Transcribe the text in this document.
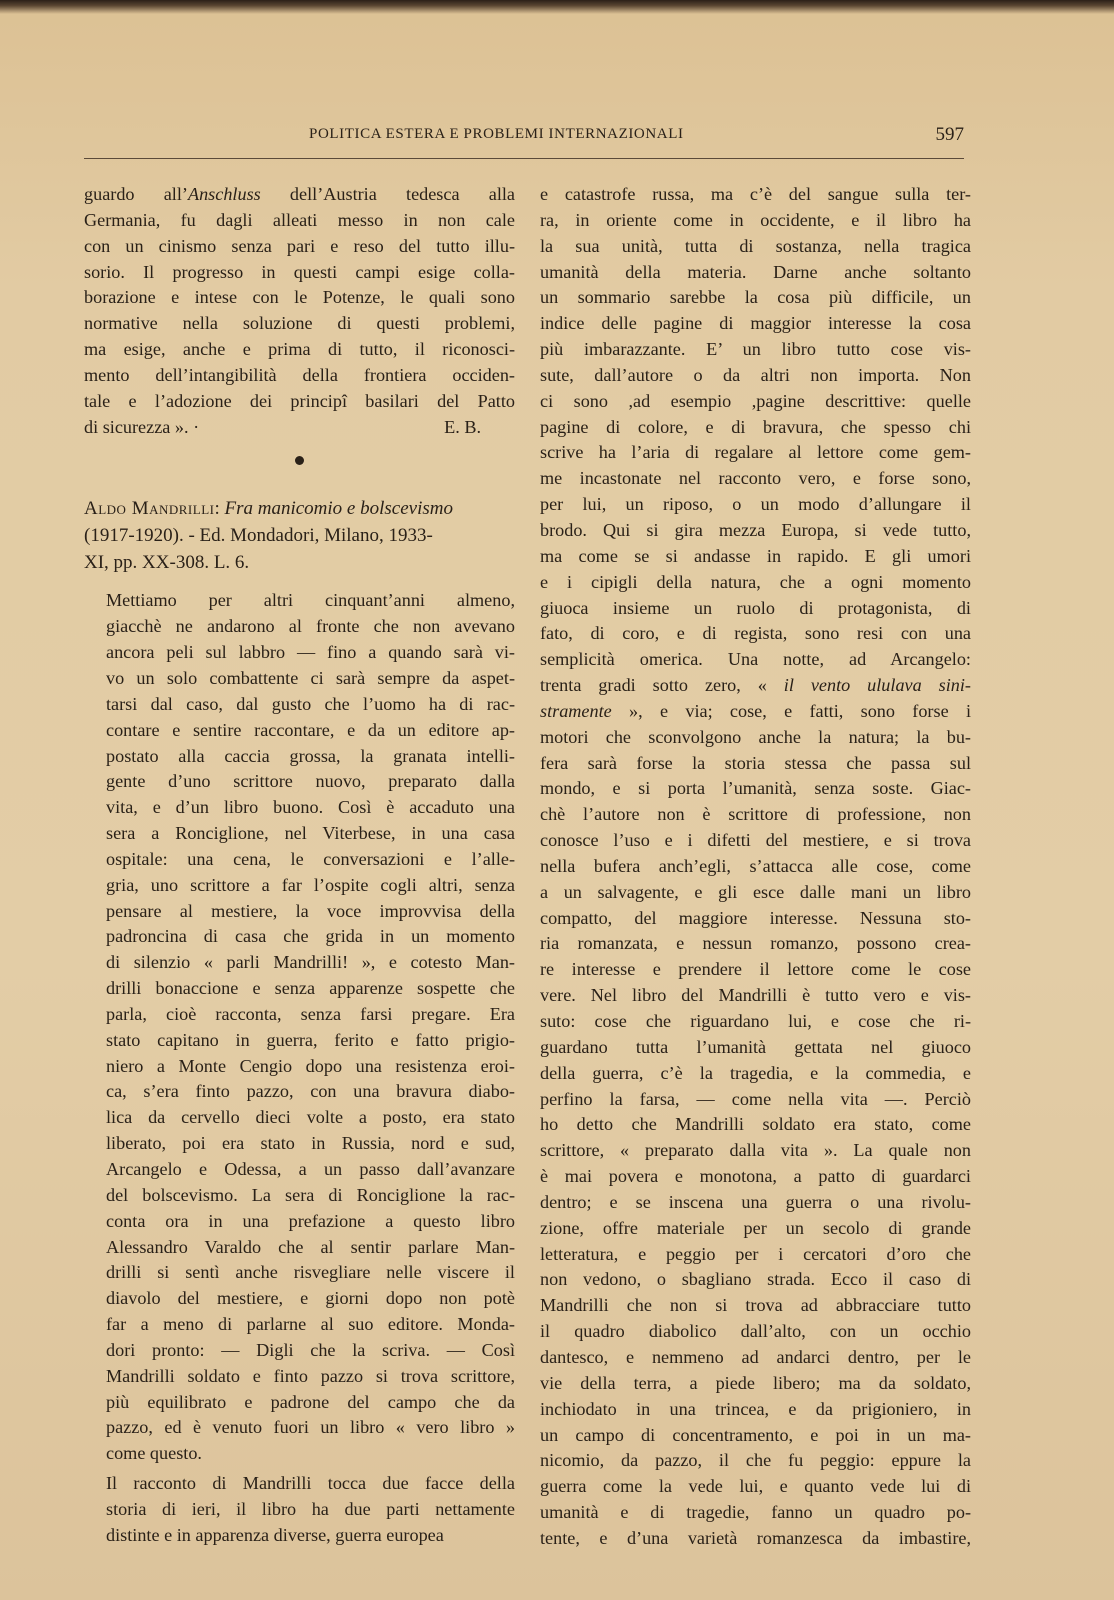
POLITICA ESTERA E PROBLEMI INTERNAZIONALI	597
guardo all’Anschluss dell’Austria tedesca alla
Germania, fu dagli alleati messo in non cale
con un cinismo senza pari e reso del tutto illu-
sorio. Il progresso in questi campi esige colla-
borazione e intese con le Potenze, le quali sono
normative nella soluzione di questi problemi,
ma esige, anche e prima di tutto, il riconosci-
mento dell’intangibilità della frontiera occiden-
tale e l’adozione dei principî basilari del Patto
di sicurezza ». ·	E. B.
Aldo Mandrilli: Fra manicomio e bolscevismo
(1917-1920). - Ed. Mondadori, Milano, 1933-
XI, pp. XX-308. L. 6.
Mettiamo per altri cinquant’anni almeno,
giacchè ne andarono al fronte che non avevano
ancora peli sul labbro — fino a quando sarà vi-
vo un solo combattente ci sarà sempre da aspet-
tarsi dal caso, dal gusto che l’uomo ha di rac-
contare e sentire raccontare, e da un editore ap-
postato alla caccia grossa, la granata intelli-
gente d’uno scrittore nuovo, preparato dalla
vita, e d’un libro buono. Così è accaduto una
sera a Ronciglione, nel Viterbese, in una casa
ospitale: una cena, le conversazioni e l’alle-
gria, uno scrittore a far l’ospite cogli altri, senza
pensare al mestiere, la voce improvvisa della
padroncina di casa che grida in un momento
di silenzio « parli Mandrilli! », e cotesto Man-
drilli bonaccione e senza apparenze sospette che
parla, cioè racconta, senza farsi pregare. Era
stato capitano in guerra, ferito e fatto prigio-
niero a Monte Cengio dopo una resistenza eroi-
ca, s’era finto pazzo, con una bravura diabo-
lica da cervello dieci volte a posto, era stato
liberato, poi era stato in Russia, nord e sud,
Arcangelo e Odessa, a un passo dall’avanzare
del bolscevismo. La sera di Ronciglione la rac-
conta ora in una prefazione a questo libro
Alessandro Varaldo che al sentir parlare Man-
drilli si sentì anche risvegliare nelle viscere il
diavolo del mestiere, e giorni dopo non potè
far a meno di parlarne al suo editore. Monda-
dori pronto: — Digli che la scriva. — Così
Mandrilli soldato e finto pazzo si trova scrittore,
più equilibrato e padrone del campo che da
pazzo, ed è venuto fuori un libro « vero libro »
come questo.
Il racconto di Mandrilli tocca due facce della
storia di ieri, il libro ha due parti nettamente
distinte e in apparenza diverse, guerra europea
e catastrofe russa, ma c’è del sangue sulla ter-
ra, in oriente come in occidente, e il libro ha
la sua unità, tutta di sostanza, nella tragica
umanità della materia. Darne anche soltanto
un sommario sarebbe la cosa più difficile, un
indice delle pagine di maggior interesse la cosa
più imbarazzante. E’ un libro tutto cose vis-
sute, dall’autore o da altri non importa. Non
ci sono ,ad esempio ,pagine descrittive: quelle
pagine di colore, e di bravura, che spesso chi
scrive ha l’aria di regalare al lettore come gem-
me incastonate nel racconto vero, e forse sono,
per lui, un riposo, o un modo d’allungare il
brodo. Qui si gira mezza Europa, si vede tutto,
ma come se si andasse in rapido. E gli umori
e i cipigli della natura, che a ogni momento
giuoca insieme un ruolo di protagonista, di
fato, di coro, e di regista, sono resi con una
semplicità omerica. Una notte, ad Arcangelo:
trenta gradi sotto zero, « il vento ululava sini-
stramente », e via; cose, e fatti, sono forse i
motori che sconvolgono anche la natura; la bu-
fera sarà forse la storia stessa che passa sul
mondo, e si porta l’umanità, senza soste. Giac-
chè l’autore non è scrittore di professione, non
conosce l’uso e i difetti del mestiere, e si trova
nella bufera anch’egli, s’attacca alle cose, come
a un salvagente, e gli esce dalle mani un libro
compatto, del maggiore interesse. Nessuna sto-
ria romanzata, e nessun romanzo, possono crea-
re interesse e prendere il lettore come le cose
vere. Nel libro del Mandrilli è tutto vero e vis-
suto: cose che riguardano lui, e cose che ri-
guardano tutta l’umanità gettata nel giuoco
della guerra, c’è la tragedia, e la commedia, e
perfino la farsa, — come nella vita —. Perciò
ho detto che Mandrilli soldato era stato, come
scrittore, « preparato dalla vita ». La quale non
è mai povera e monotona, a patto di guardarci
dentro; e se inscena una guerra o una rivolu-
zione, offre materiale per un secolo di grande
letteratura, e peggio per i cercatori d’oro che
non vedono, o sbagliano strada. Ecco il caso di
Mandrilli che non si trova ad abbracciare tutto
il quadro diabolico dall’alto, con un occhio
dantesco, e nemmeno ad andarci dentro, per le
vie della terra, a piede libero; ma da soldato,
inchiodato in una trincea, e da prigioniero, in
un campo di concentramento, e poi in un ma-
nicomio, da pazzo, il che fu peggio: eppure la
guerra come la vede lui, e quanto vede lui di
umanità e di tragedie, fanno un quadro po-
tente, e d’una varietà romanzesca da imbastire,
